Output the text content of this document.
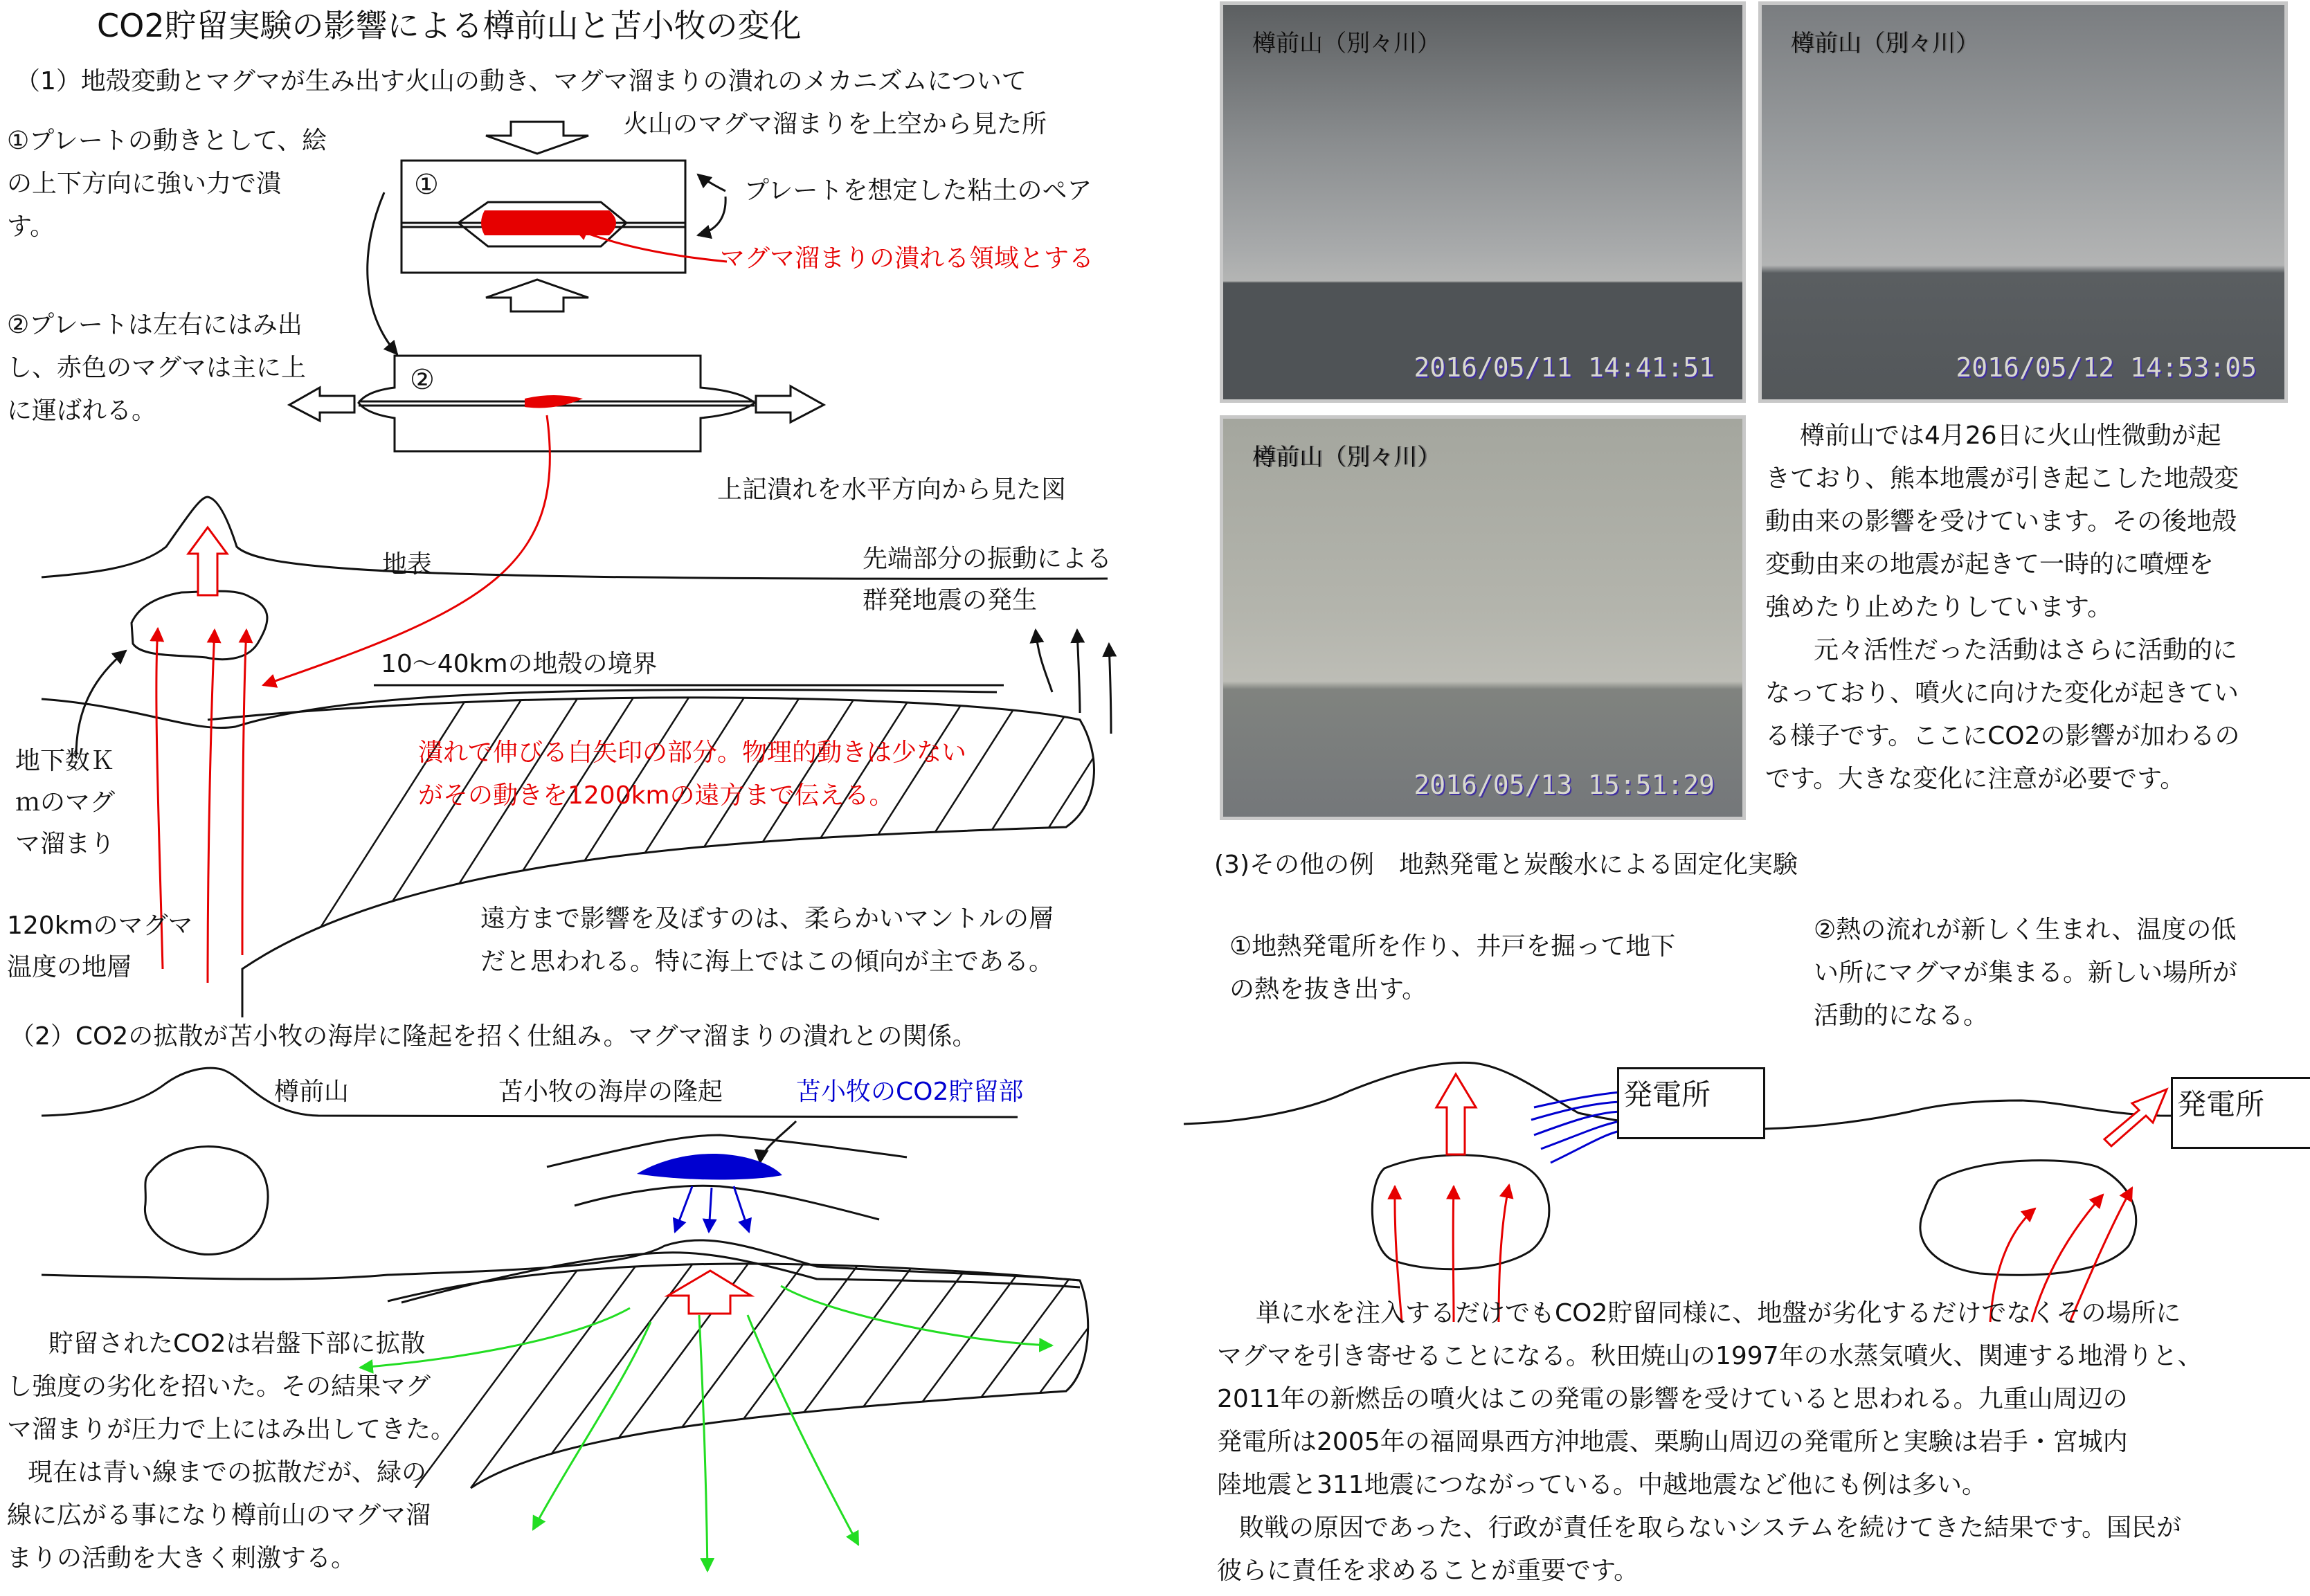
CO2貯留実験の影響による樽前山と苫小牧の変化
（1）地殻変動とマグマが生み出す火山の動き、マグマ溜まりの潰れのメカニズムについて
火山のマグマ溜まりを上空から見た所
①プレートの動きとして、絵
の上下方向に強い力で潰
す。
②プレートは左右にはみ出
し、赤色のマグマは主に上
に運ばれる。
①
②
プレートを想定した粘土のペア
マグマ溜まりの潰れる領域とする
上記潰れを水平方向から見た図
地表	先端部分の振動による
群発地震の発生
10〜40kmの地殻の境界
潰れで伸びる白矢印の部分。物理的動きは少ない
がその動きを1200kmの遠方まで伝える。
地下数Ｋ
ｍのマグ
マ溜まり
120kmのマグマ
温度の地層
遠方まで影響を及ぼすのは、柔らかいマントルの層
だと思われる。特に海上ではこの傾向が主である。
（2）CO2の拡散が苫小牧の海岸に隆起を招く仕組み。マグマ溜まりの潰れとの関係。
樽前山	苫小牧の海岸の隆起	苫小牧のCO2貯留部
貯留されたCO2は岩盤下部に拡散
し強度の劣化を招いた。その結果マグ
マ溜まりが圧力で上にはみ出してきた。
現在は青い線までの拡散だが、緑の
線に広がる事になり樽前山のマグマ溜
まりの活動を大きく刺激する。
樽前山（別々川）
2016/05/11 14:41:51
樽前山（別々川）
2016/05/12 14:53:05
樽前山（別々川）
2016/05/13 15:51:29
樽前山では4月26日に火山性微動が起
きており、熊本地震が引き起こした地殻変
動由来の影響を受けています。その後地殻
変動由来の地震が起きて一時的に噴煙を
強めたり止めたりしています。
元々活性だった活動はさらに活動的に
なっており、噴火に向けた変化が起きてい
る様子です。ここにCO2の影響が加わるの
です。大きな変化に注意が必要です。
(3)その他の例　地熱発電と炭酸水による固定化実験
①地熱発電所を作り、井戸を掘って地下
の熱を抜き出す。
②熱の流れが新しく生まれ、温度の低
い所にマグマが集まる。新しい場所が
活動的になる。
発電所	発電所
単に水を注入するだけでもCO2貯留同様に、地盤が劣化するだけでなくその場所に
マグマを引き寄せることになる。秋田焼山の1997年の水蒸気噴火、関連する地滑りと、
2011年の新燃岳の噴火はこの発電の影響を受けていると思われる。九重山周辺の
発電所は2005年の福岡県西方沖地震、栗駒山周辺の発電所と実験は岩手・宮城内
陸地震と311地震につながっている。中越地震など他にも例は多い。
敗戦の原因であった、行政が責任を取らないシステムを続けてきた結果です。国民が
彼らに責任を求めることが重要です。
